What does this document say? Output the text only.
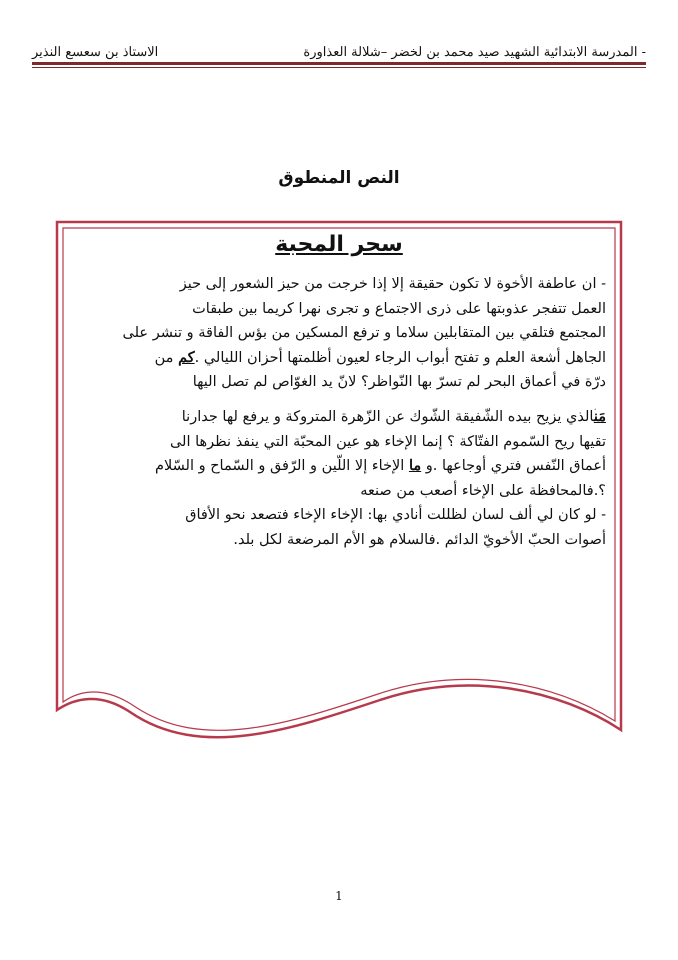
الاستاذ بن سعسع النذير	المدرسة الابتدائية الشهيد صيد محمد بن لخضر –شلالة العذاورة -
النص المنطوق
سحر المحبة

- ان عاطفة الأخوة لا تكون حقيقة إلا إذا خرجت من حيز الشعور إلى حيز
العمل تتفجر عذوبتها على ذرى الاجتماع و تجرى نهرا كريما بين طبقات
المجتمع فتلقي بين المتقابلين سلاما و ترفع المسكين من بؤس الفاقة و تنشر على
الجاهل أشعة العلم و تفتح أبواب الرجاء لعيون أظلمتها أحزان الليالي .كم من
درّة في أعماق البحر لم تسرّ بها النّواظر؟ لانّ يد الغوّاص لم تصل اليها

مَنۛالذي يزيح بيده الشّفيقة الشّوك عن الزّهرة المتروكة و يرفع لها جدارنا
تقيها ريح السّموم الفتّاكة ؟ إنما الإخاء هو عين المحبّة التي ينفذ نظرها الى
أعماق النّفس فتري أوجاعها .و ما الإخاء إلا اللّين و الرّفق و السّماح و السّلام
؟.فالمحافظة على الإخاء أصعب من صنعه

- لو كان لي ألف لسان لظللت أنادي بها: الإخاء الإخاء فتصعد نحو الأفاق
أصوات الحبّ الأخويّ الدائم .فالسلام هو الأم المرضعة لكل بلد.

1
